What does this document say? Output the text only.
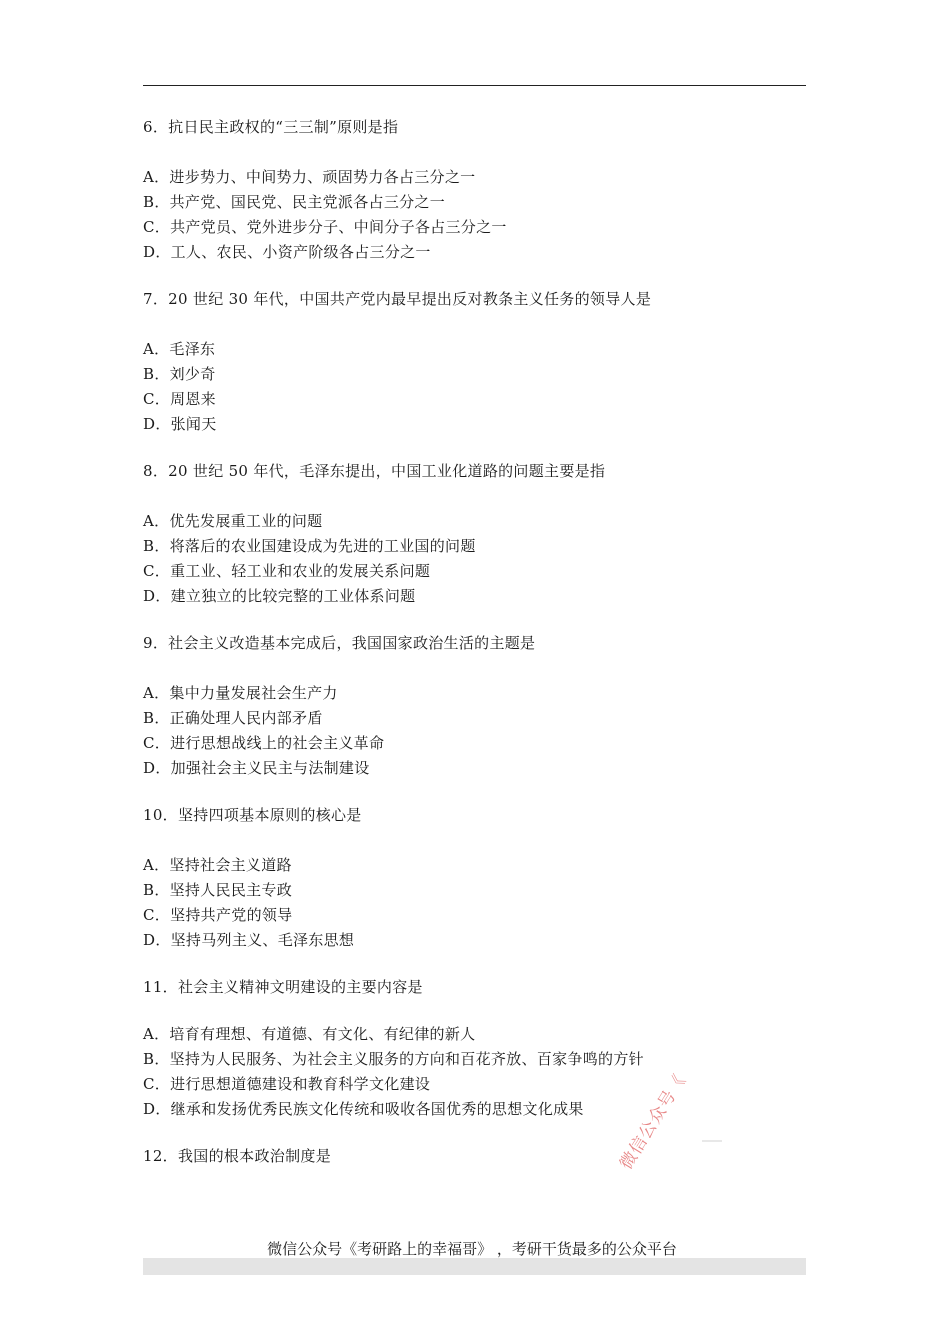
6．抗日民主政权的“三三制”原则是指
A．进步势力、中间势力、顽固势力各占三分之一
B．共产党、国民党、民主党派各占三分之一
C．共产党员、党外进步分子、中间分子各占三分之一
D．工人、农民、小资产阶级各占三分之一
7．20 世纪 30 年代，中国共产党内最早提出反对教条主义任务的领导人是
A．毛泽东
B．刘少奇
C．周恩来
D．张闻天
8．20 世纪 50 年代，毛泽东提出，中国工业化道路的问题主要是指
A．优先发展重工业的问题
B．将落后的农业国建设成为先进的工业国的问题
C．重工业、轻工业和农业的发展关系问题
D．建立独立的比较完整的工业体系问题
9．社会主义改造基本完成后，我国国家政治生活的主题是
A．集中力量发展社会生产力
B．正确处理人民内部矛盾
C．进行思想战线上的社会主义革命
D．加强社会主义民主与法制建设
10．坚持四项基本原则的核心是
A．坚持社会主义道路
B．坚持人民民主专政
C．坚持共产党的领导
D．坚持马列主义、毛泽东思想
11．社会主义精神文明建设的主要内容是
A．培育有理想、有道德、有文化、有纪律的新人
B．坚持为人民服务、为社会主义服务的方向和百花齐放、百家争鸣的方针
C．进行思想道德建设和教育科学文化建设
D．继承和发扬优秀民族文化传统和吸收各国优秀的思想文化成果
12．我国的根本政治制度是	微信公众号《
微信公众号《考研路上的幸福哥》 ，考研干货最多的公众平台
